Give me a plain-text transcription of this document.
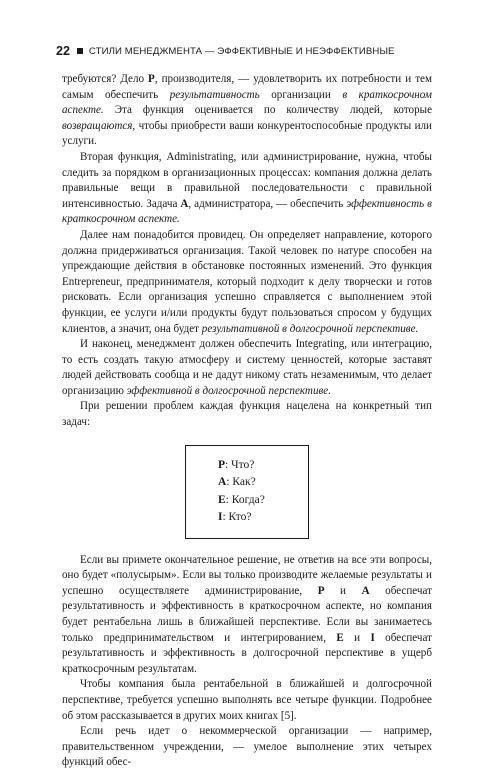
22 СТИЛИ МЕНЕДЖМЕНТА — ЭФФЕКТИВНЫЕ И НЕЭФФЕКТИВНЫЕ

требуются? Дело P, производителя, — удовлетворить их потребности и тем самым обеспечить результативность организации в краткосрочном аспекте. Эта функция оценивается по количеству людей, которые возвращаются, чтобы приобрести ваши конкурентоспособные продукты или услуги.

Вторая функция, Administrating, или администрирование, нужна, чтобы следить за порядком в организационных процессах: компания должна делать правильные вещи в правильной последовательности с правильной интенсивностью. Задача A, администратора, — обеспечить эффективность в краткосрочном аспекте.

Далее нам понадобится провидец. Он определяет направление, которого должна придерживаться организация. Такой человек по натуре способен на упреждающие действия в обстановке постоянных изменений. Это функция Entrepreneur, предпринимателя, который подходит к делу творчески и готов рисковать. Если организация успешно справляется с выполнением этой функции, ее услуги и/или продукты будут пользоваться спросом у будущих клиентов, а значит, она будет результативной в долгосрочной перспективе.

И наконец, менеджмент должен обеспечить Integrating, или интеграцию, то есть создать такую атмосферу и систему ценностей, которые заставят людей действовать сообща и не дадут никому стать незаменимым, что делает организацию эффективной в долгосрочной перспективе.

При решении проблем каждая функция нацелена на конкретный тип задач:

P: Что?
A: Как?
E: Когда?
I: Кто?

Если вы примете окончательное решение, не ответив на все эти вопросы, оно будет «полусырым». Если вы только производите желаемые результаты и успешно осуществляете администрирование, P и A обеспечат результативность и эффективность в краткосрочном аспекте, но компания будет рентабельна лишь в ближайшей перспективе. Если вы занимаетесь только предпринимательством и интегрированием, E и I обеспечат результативность и эффективность в долгосрочной перспективе в ущерб краткосрочным результатам.

Чтобы компания была рентабельной в ближайшей и долгосрочной перспективе, требуется успешно выполнять все четыре функции. Подробнее об этом рассказывается в других моих книгах [5].

Если речь идет о некоммерческой организации — например, правительственном учреждении, — умелое выполнение этих четырех функций обес-
